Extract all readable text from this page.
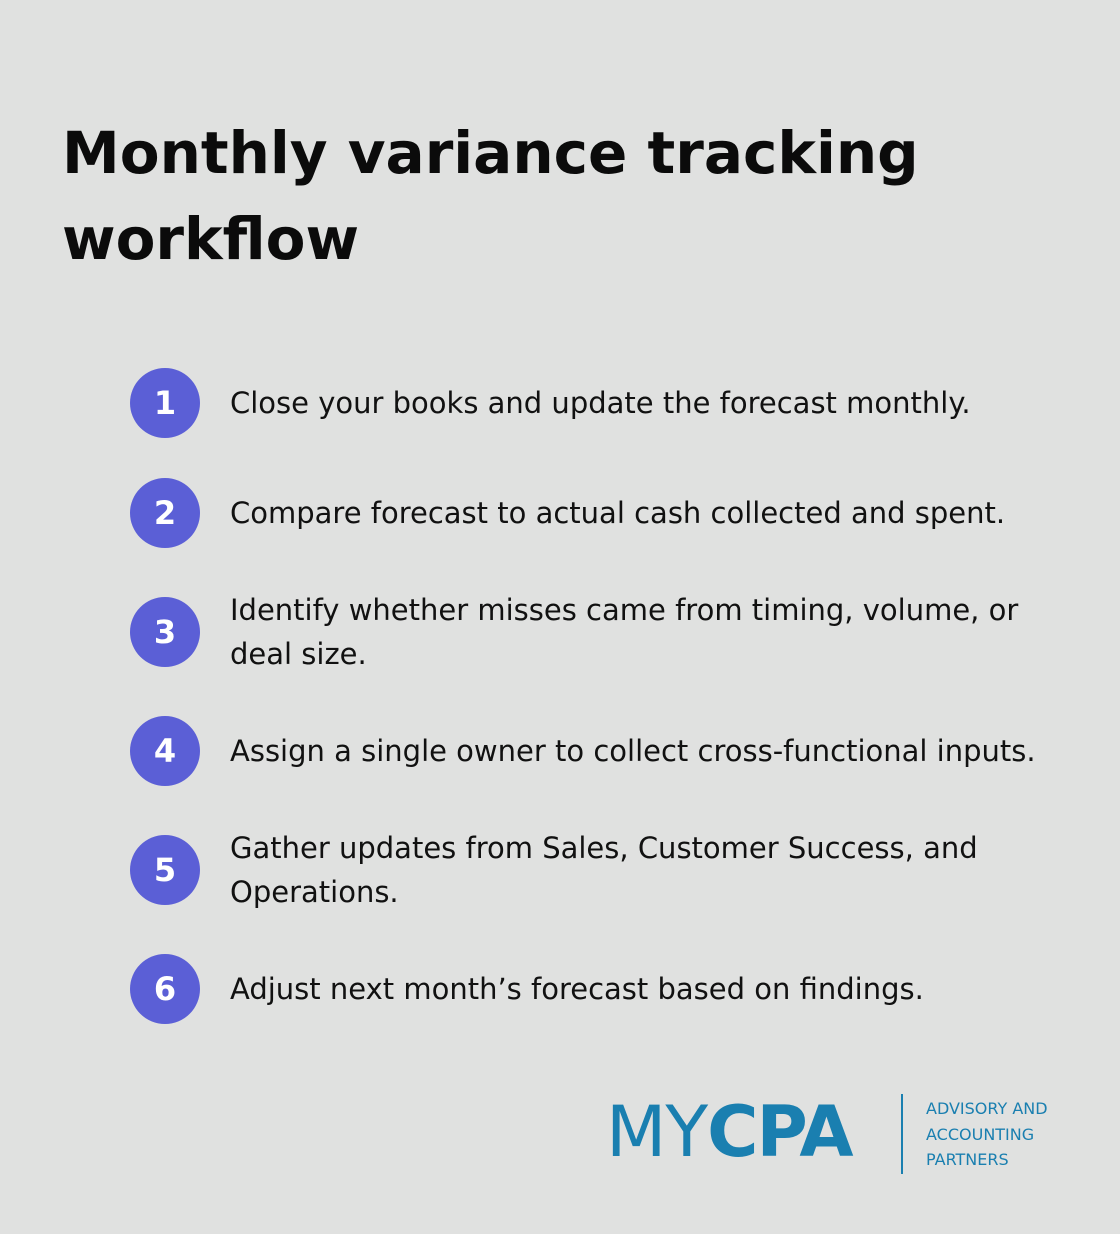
Monthly variance tracking workflow
1	Close your books and update the forecast monthly.
2	Compare forecast to actual cash collected and spent.
3
Identify whether misses came from timing, volume, or deal size.
4	Assign a single owner to collect cross-functional inputs.
5
Gather updates from Sales, Customer Success, and Operations.
6	Adjust next month’s forecast based on findings.
MYCPA	ADVISORY AND
ACCOUNTING
PARTNERS
